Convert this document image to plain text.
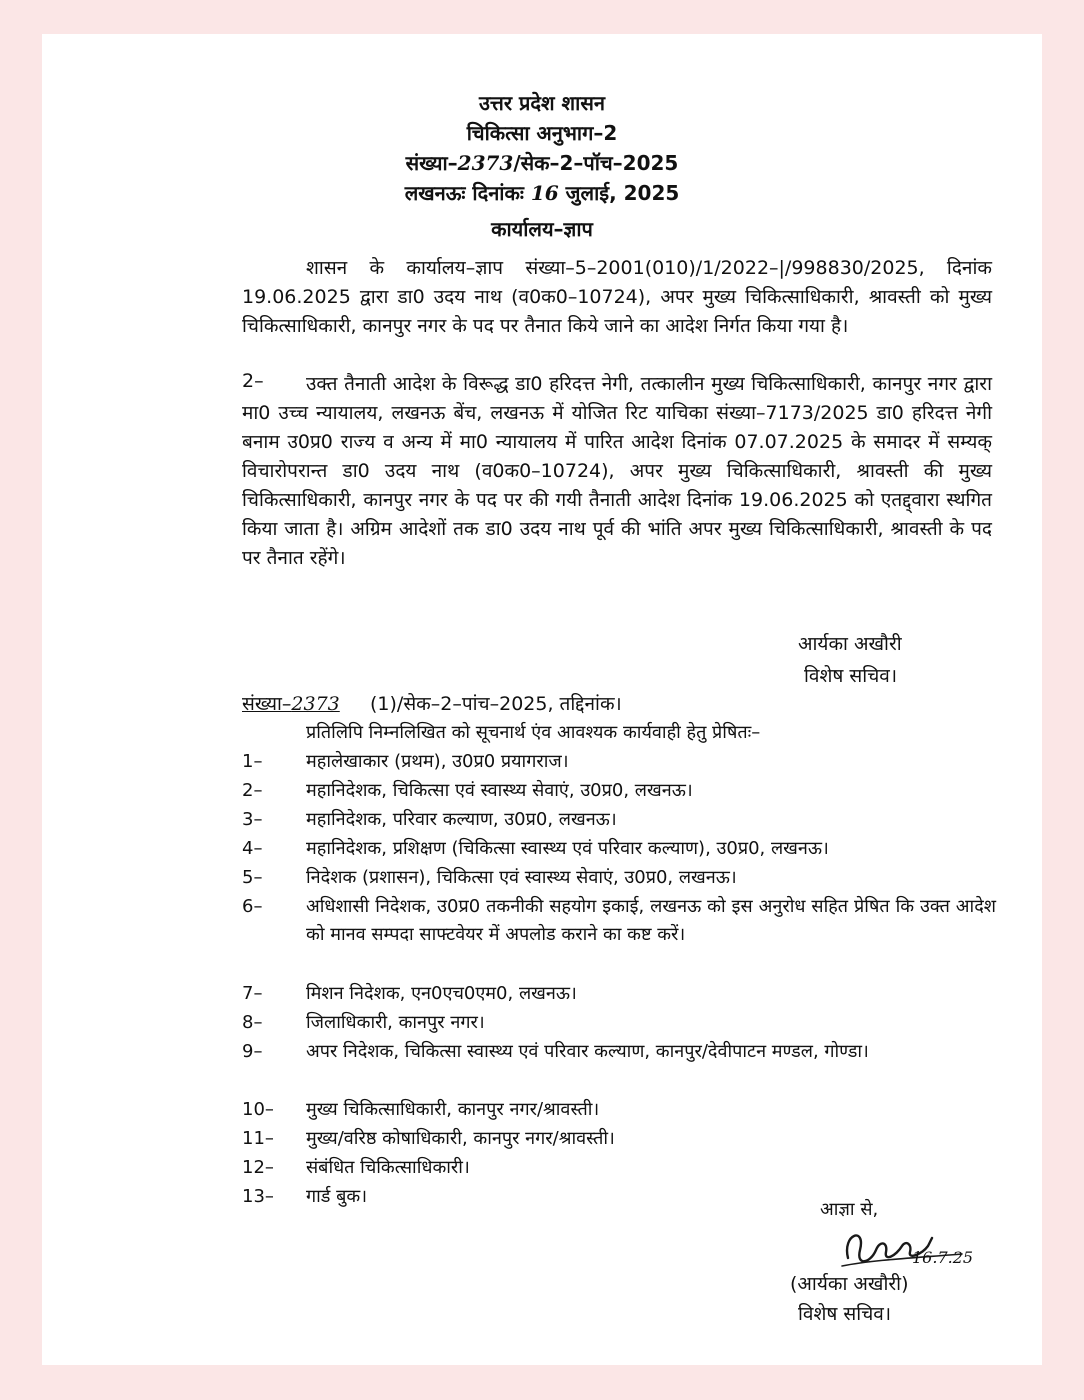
उत्तर प्रदेश शासन
चिकित्सा अनुभाग–2
संख्या–2373/सेक–2–पॉच–2025
लखनऊः दिनांकः 16 जुलाई, 2025
कार्यालय–ज्ञाप
शासन के कार्यालय–ज्ञाप संख्या–5–2001(010)/1/2022–|/998830/2025, दिनांक 19.06.2025 द्वारा डा0 उदय नाथ (व0क0–10724), अपर मुख्य चिकित्साधिकारी, श्रावस्ती को मुख्य चिकित्साधिकारी, कानपुर नगर के पद पर तैनात किये जाने का आदेश निर्गत किया गया है।
2–	उक्त तैनाती आदेश के विरूद्ध डा0 हरिदत्त नेगी, तत्कालीन मुख्य चिकित्साधिकारी, कानपुर नगर द्वारा मा0 उच्च न्यायालय, लखनऊ बेंच, लखनऊ में योजित रिट याचिका संख्या–7173/2025 डा0 हरिदत्त नेगी बनाम उ0प्र0 राज्य व अन्य में मा0 न्यायालय में पारित आदेश दिनांक 07.07.2025 के समादर में सम्यक् विचारोपरान्त डा0 उदय नाथ (व0क0–10724), अपर मुख्य चिकित्साधिकारी, श्रावस्ती की मुख्य चिकित्साधिकारी, कानपुर नगर के पद पर की गयी तैनाती आदेश दिनांक 19.06.2025 को एतद्द्वारा स्थगित किया जाता है। अग्रिम आदेशों तक डा0 उदय नाथ पूर्व की भांति अपर मुख्य चिकित्साधिकारी, श्रावस्ती के पद पर तैनात रहेंगे।
आर्यका अखौरी
विशेष सचिव।
संख्या–2373 (1)/सेक–2–पांच–2025, तद्दिनांक।
प्रतिलिपि निम्नलिखित को सूचनार्थ एंव आवश्यक कार्यवाही हेतु प्रेषितः–
1–	महालेखाकार (प्रथम), उ0प्र0 प्रयागराज।
2–	महानिदेशक, चिकित्सा एवं स्वास्थ्य सेवाएं, उ0प्र0, लखनऊ।
3–	महानिदेशक, परिवार कल्याण, उ0प्र0, लखनऊ।
4–	महानिदेशक, प्रशिक्षण (चिकित्सा स्वास्थ्य एवं परिवार कल्याण), उ0प्र0, लखनऊ।
5–	निदेशक (प्रशासन), चिकित्सा एवं स्वास्थ्य सेवाएं, उ0प्र0, लखनऊ।
6–	अधिशासी निदेशक, उ0प्र0 तकनीकी सहयोग इकाई, लखनऊ को इस अनुरोध सहित प्रेषित कि उक्त आदेश को मानव सम्पदा साफ्टवेयर में अपलोड कराने का कष्ट करें।
7–	मिशन निदेशक, एन0एच0एम0, लखनऊ।
8–	जिलाधिकारी, कानपुर नगर।
9–	अपर निदेशक, चिकित्सा स्वास्थ्य एवं परिवार कल्याण, कानपुर/देवीपाटन मण्डल, गोण्डा।
10–	मुख्य चिकित्साधिकारी, कानपुर नगर/श्रावस्ती।
11–	मुख्य/वरिष्ठ कोषाधिकारी, कानपुर नगर/श्रावस्ती।
12–	संबंधित चिकित्साधिकारी।
13–	गार्ड बुक।
आज्ञा से,
16.7.25
(आर्यका अखौरी)
विशेष सचिव।
